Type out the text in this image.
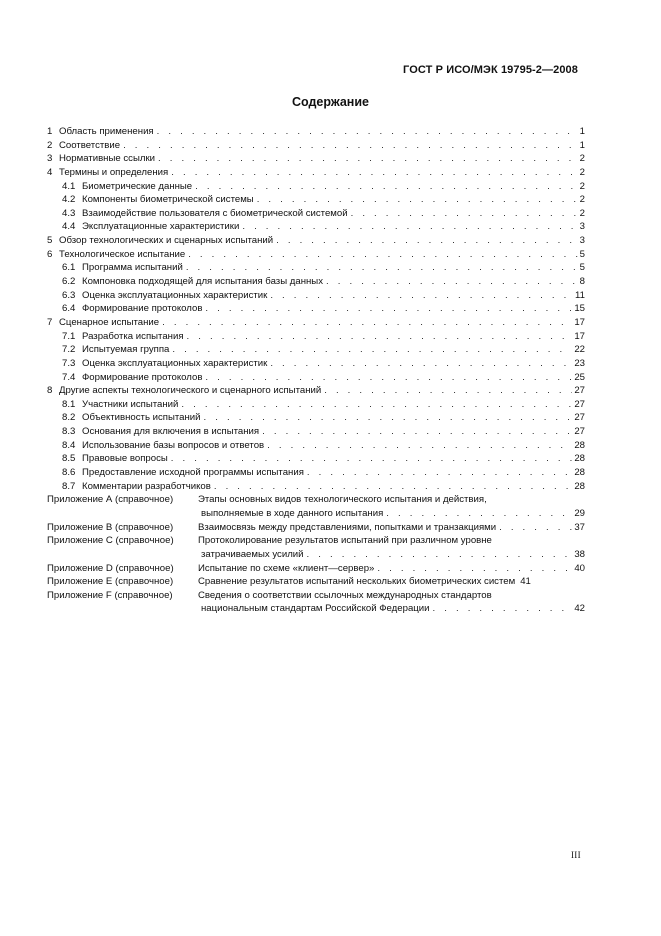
ГОСТ Р ИСО/МЭК 19795-2—2008
Содержание
1 Область применения . . .	1
2 Соответствие . . .	1
3 Нормативные ссылки . . .	2
4 Термины и определения . . .	2
4.1 Биометрические данные . . .	2
4.2 Компоненты биометрической системы . . .	2
4.3 Взаимодействие пользователя с биометрической системой . . .	2
4.4 Эксплуатационные характеристики . . .	3
5 Обзор технологических и сценарных испытаний . . .	3
6 Технологическое испытание . . .	5
6.1 Программа испытаний . . .	5
6.2 Компоновка подходящей для испытания базы данных . . .	8
6.3 Оценка эксплуатационных характеристик . . .	11
6.4 Формирование протоколов . . .	15
7 Сценарное испытание . . .	17
7.1 Разработка испытания . . .	17
7.2 Испытуемая группа . . .	22
7.3 Оценка эксплуатационных характеристик . . .	23
7.4 Формирование протоколов . . .	25
8 Другие аспекты технологического и сценарного испытаний . . .	27
8.1 Участники испытаний . . .	27
8.2 Объективность испытаний . . .	27
8.3 Основания для включения в испытания . . .	27
8.4 Использование базы вопросов и ответов . . .	28
8.5 Правовые вопросы . . .	28
8.6 Предоставление исходной программы испытания . . .	28
8.7 Комментарии разработчиков . . .	28
Приложение А (справочное)	Этапы основных видов технологического испытания и действия,
выполняемые в ходе данного испытания . . .	29
Приложение В (справочное)	Взаимосвязь между представлениями, попытками и транзакциями . . .	37
Приложение С (справочное)	Протоколирование результатов испытаний при различном уровне
затрачиваемых усилий . . .	38
Приложение D (справочное)	Испытание по схеме «клиент—сервер» . . .	40
Приложение Е (справочное)	Сравнение результатов испытаний нескольких биометрических систем 41
Приложение F (справочное)	Сведения о соответствии ссылочных международных стандартов
национальным стандартам Российской Федерации . . .	42
III
